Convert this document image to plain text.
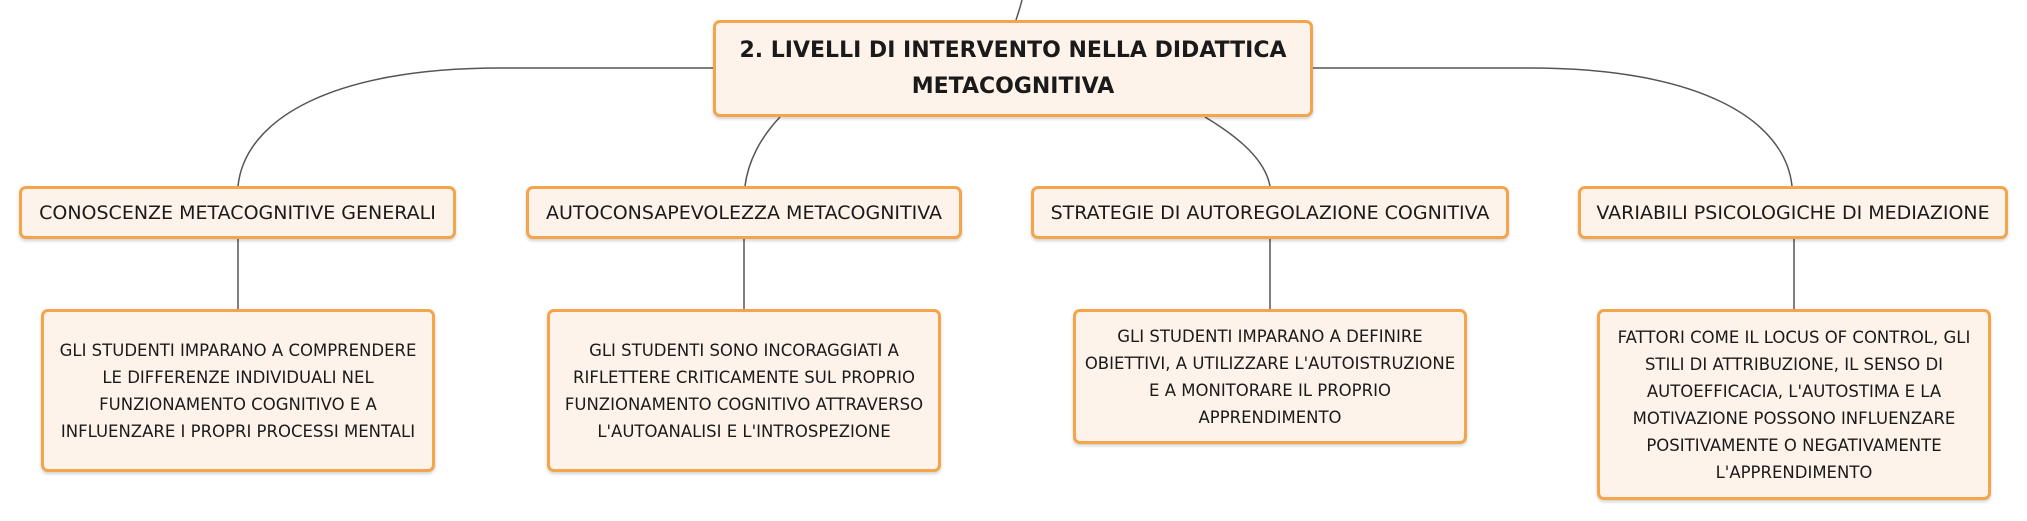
2. LIVELLI DI INTERVENTO NELLA DIDATTICA METACOGNITIVA
CONOSCENZE METACOGNITIVE GENERALI	AUTOCONSAPEVOLEZZA METACOGNITIVA	STRATEGIE DI AUTOREGOLAZIONE COGNITIVA	VARIABILI PSICOLOGICHE DI MEDIAZIONE
GLI STUDENTI IMPARANO A COMPRENDERE LE DIFFERENZE INDIVIDUALI NEL FUNZIONAMENTO COGNITIVO E A INFLUENZARE I PROPRI PROCESSI MENTALI
GLI STUDENTI SONO INCORAGGIATI A RIFLETTERE CRITICAMENTE SUL PROPRIO FUNZIONAMENTO COGNITIVO ATTRAVERSO L'AUTOANALISI E L'INTROSPEZIONE
GLI STUDENTI IMPARANO A DEFINIRE OBIETTIVI, A UTILIZZARE L'AUTOISTRUZIONE E A MONITORARE IL PROPRIO APPRENDIMENTO
FATTORI COME IL LOCUS OF CONTROL, GLI STILI DI ATTRIBUZIONE, IL SENSO DI AUTOEFFICACIA, L'AUTOSTIMA E LA MOTIVAZIONE POSSONO INFLUENZARE POSITIVAMENTE O NEGATIVAMENTE L'APPRENDIMENTO
